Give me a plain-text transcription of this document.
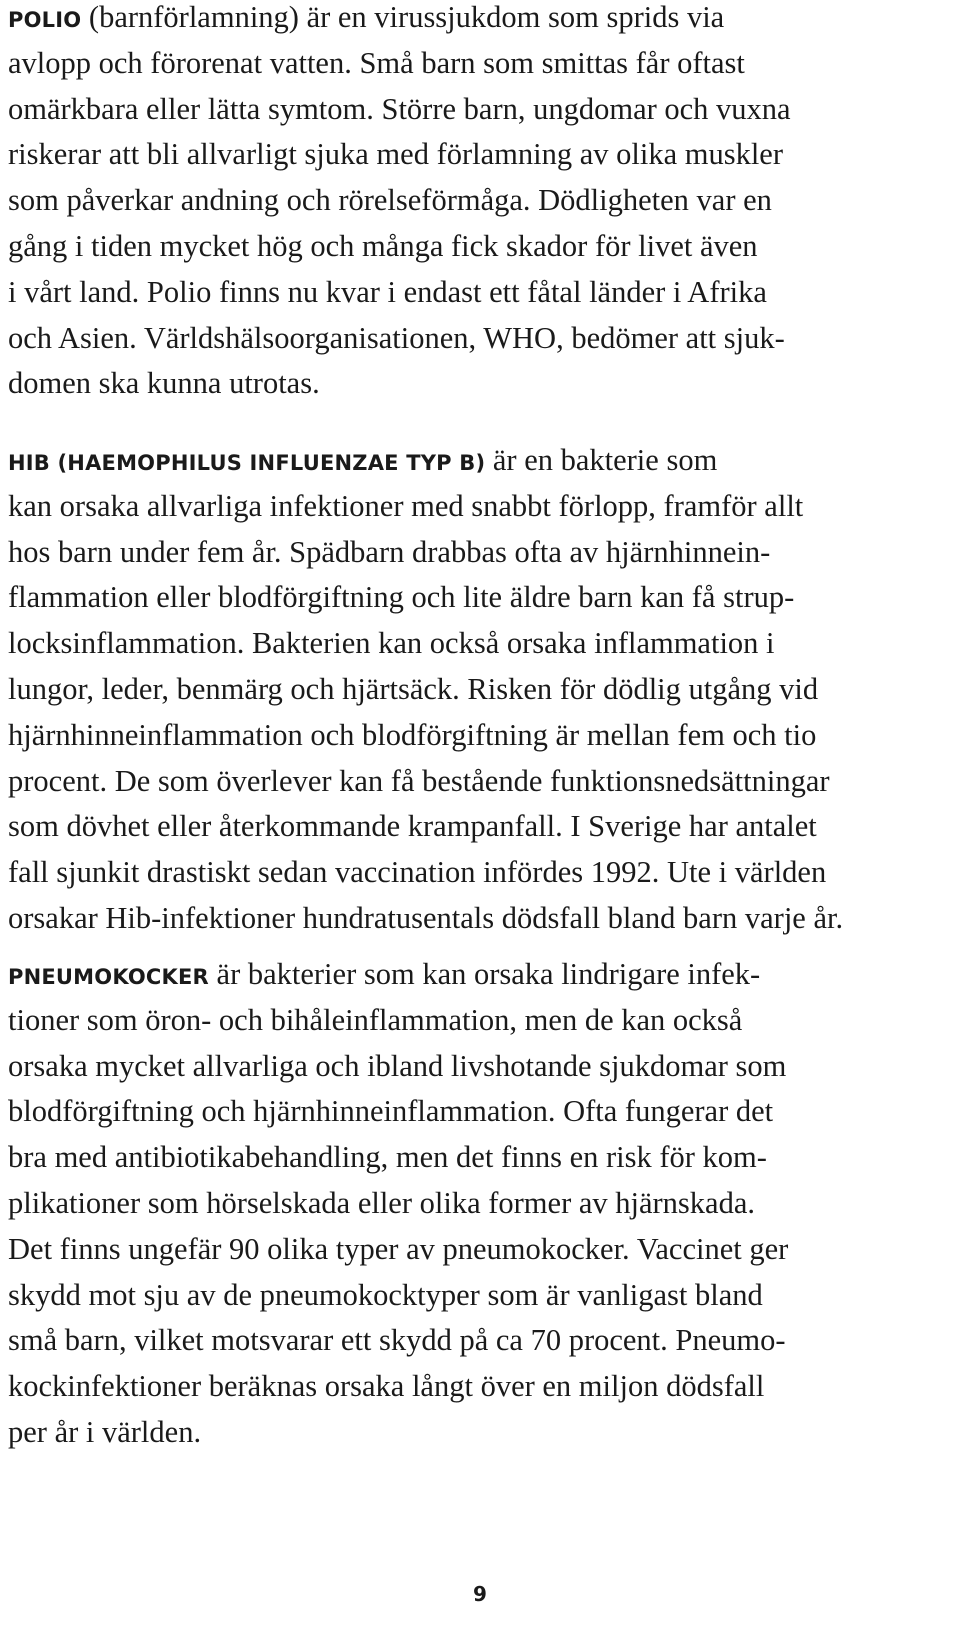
POLIO (barnförlamning) är en virussjukdom som sprids via
avlopp och förorenat vatten. Små barn som smittas får oftast
omärkbara eller lätta symtom. Större barn, ungdomar och vuxna
riskerar att bli allvarligt sjuka med förlamning av olika muskler
som påverkar andning och rörelseförmåga. Dödligheten var en
gång i tiden mycket hög och många fick skador för livet även
i vårt land. Polio finns nu kvar i endast ett fåtal länder i Afrika
och Asien. Världshälsoorganisationen, WHO, bedömer att sjuk-
domen ska kunna utrotas.
HIB (HAEMOPHILUS INFLUENZAE TYP B) är en bakterie som
kan orsaka allvarliga infektioner med snabbt förlopp, framför allt
hos barn under fem år. Spädbarn drabbas ofta av hjärnhinnein-
flammation eller blodförgiftning och lite äldre barn kan få strup-
locksinflammation. Bakterien kan också orsaka inflammation i
lungor, leder, benmärg och hjärtsäck. Risken för dödlig utgång vid
hjärnhinneinflammation och blodförgiftning är mellan fem och tio
procent. De som överlever kan få bestående funktionsnedsättningar
som dövhet eller återkommande krampanfall. I Sverige har antalet
fall sjunkit drastiskt sedan vaccination infördes 1992. Ute i världen
orsakar Hib-infektioner hundratusentals dödsfall bland barn varje år.
PNEUMOKOCKER är bakterier som kan orsaka lindrigare infek-
tioner som öron- och bihåleinflammation, men de kan också
orsaka mycket allvarliga och ibland livshotande sjukdomar som
blodförgiftning och hjärnhinneinflammation. Ofta fungerar det
bra med antibiotikabehandling, men det finns en risk för kom-
plikationer som hörselskada eller olika former av hjärnskada.
Det finns ungefär 90 olika typer av pneumokocker. Vaccinet ger
skydd mot sju av de pneumokocktyper som är vanligast bland
små barn, vilket motsvarar ett skydd på ca 70 procent. Pneumo-
kockinfektioner beräknas orsaka långt över en miljon dödsfall
per år i världen.
9
